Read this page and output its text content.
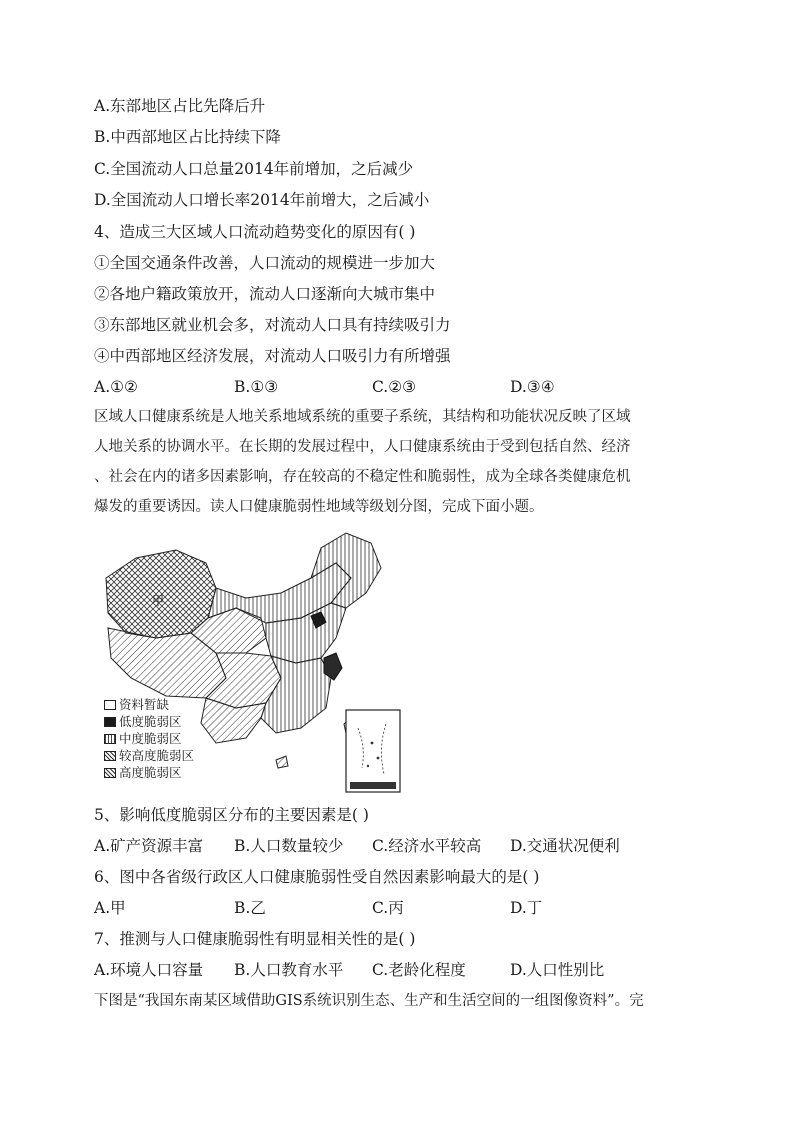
A.东部地区占比先降后升
B.中西部地区占比持续下降
C.全国流动人口总量2014年前增加，之后减少
D.全国流动人口增长率2014年前增大，之后减小
4、造成三大区域人口流动趋势变化的原因有( )
①全国交通条件改善，人口流动的规模进一步加大
②各地户籍政策放开，流动人口逐渐向大城市集中
③东部地区就业机会多，对流动人口具有持续吸引力
④中西部地区经济发展，对流动人口吸引力有所增强
A.①②	B.①③	C.②③	D.③④
区域人口健康系统是人地关系地域系统的重要子系统，其结构和功能状况反映了区域
人地关系的协调水平。在长期的发展过程中，人口健康系统由于受到包括自然、经济
、社会在内的诸多因素影响，存在较高的不稳定性和脆弱性，成为全球各类健康危机
爆发的重要诱因。读人口健康脆弱性地域等级划分图，完成下面小题。
甲
资料暂缺
低度脆弱区
中度脆弱区
较高度脆弱区
高度脆弱区
5、影响低度脆弱区分布的主要因素是( )
A.矿产资源丰富 B.人口数量较少 C.经济水平较高 D.交通状况便利
6、图中各省级行政区人口健康脆弱性受自然因素影响最大的是( )
A.甲	B.乙	C.丙	D.丁
7、推测与人口健康脆弱性有明显相关性的是( )
A.环境人口容量 B.人口教育水平 C.老龄化程度	D.人口性别比
下图是“我国东南某区域借助GIS系统识别生态、生产和生活空间的一组图像资料”。完
